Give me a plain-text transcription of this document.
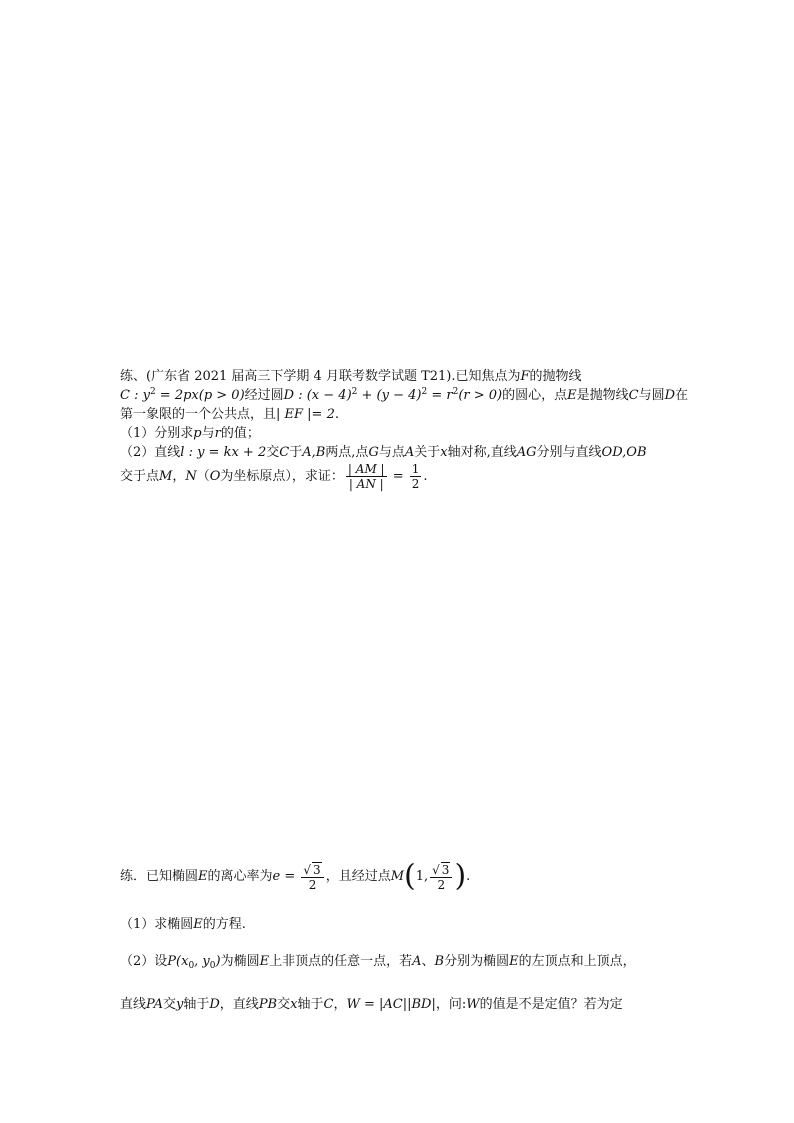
练、(广东省 2021 届高三下学期 4 月联考数学试题 T21).已知焦点为F的抛物线
C : $y^2 = 2px(p > 0)$经过圆D : $(x - 4)^2 + (y - 4)^2 = r^2(r > 0)$的圆心，点E是抛物线C与圆D在
第一象限的一个公共点，且| EF |= 2.
（1）分别求p与r的值；
（2）直线l : y = kx + 2交C于A,B两点,点G与点A关于x轴对称,直线AG分别与直线OD,OB
交于点M，N（O为坐标原点），求证： $\frac{| AM |}{| AN |} = \frac{1}{2}$ .
练．已知椭圆E的离心率为$e = \frac{√ 3}{2}$ ，且经过点M(1, $\frac{√ 3}{2}$ ).
（1）求椭圆E的方程.
（2）设$P(x_0$, $y_0$)为椭圆E上非顶点的任意一点，若A、B分别为椭圆E的左顶点和上顶点，
直线PA交y轴于D，直线PB交x轴于C，W = |AC||BD|，问:W的值是不是定值？若为定
